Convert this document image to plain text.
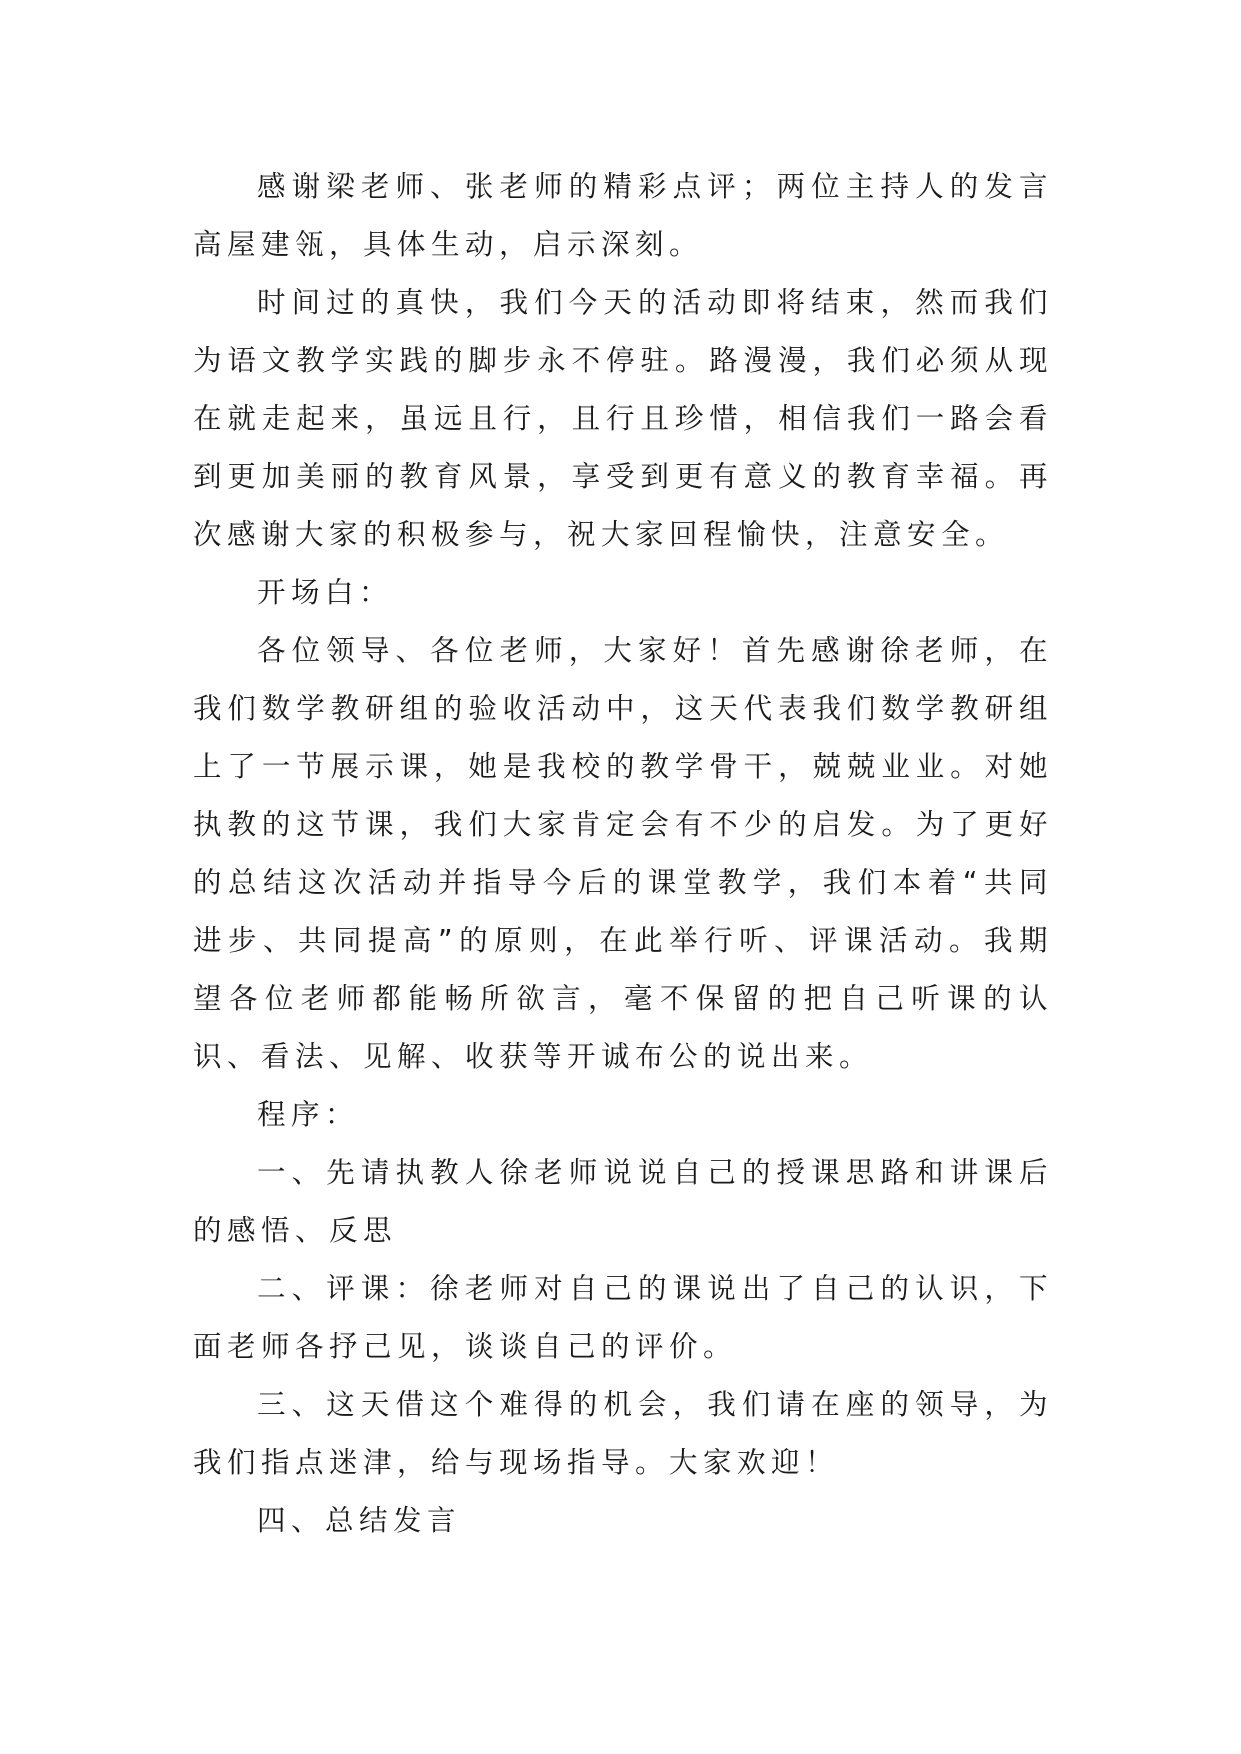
感谢梁老师、张老师的精彩点评；两位主持人的发言高屋建瓴，具体生动，启示深刻。

时间过的真快，我们今天的活动即将结束，然而我们为语文教学实践的脚步永不停驻。路漫漫，我们必须从现在就走起来，虽远且行，且行且珍惜，相信我们一路会看到更加美丽的教育风景，享受到更有意义的教育幸福。再次感谢大家的积极参与，祝大家回程愉快，注意安全。

开场白：

各位领导、各位老师，大家好！首先感谢徐老师，在我们数学教研组的验收活动中，这天代表我们数学教研组上了一节展示课，她是我校的教学骨干，兢兢业业。对她执教的这节课，我们大家肯定会有不少的启发。为了更好的总结这次活动并指导今后的课堂教学，我们本着“共同进步、共同提高”的原则，在此举行听、评课活动。我期望各位老师都能畅所欲言，毫不保留的把自己听课的认识、看法、见解、收获等开诚布公的说出来。

程序：

一、先请执教人徐老师说说自己的授课思路和讲课后的感悟、反思

二、评课：徐老师对自己的课说出了自己的认识，下面老师各抒己见，谈谈自己的评价。

三、这天借这个难得的机会，我们请在座的领导，为我们指点迷津，给与现场指导。大家欢迎！

四、总结发言
